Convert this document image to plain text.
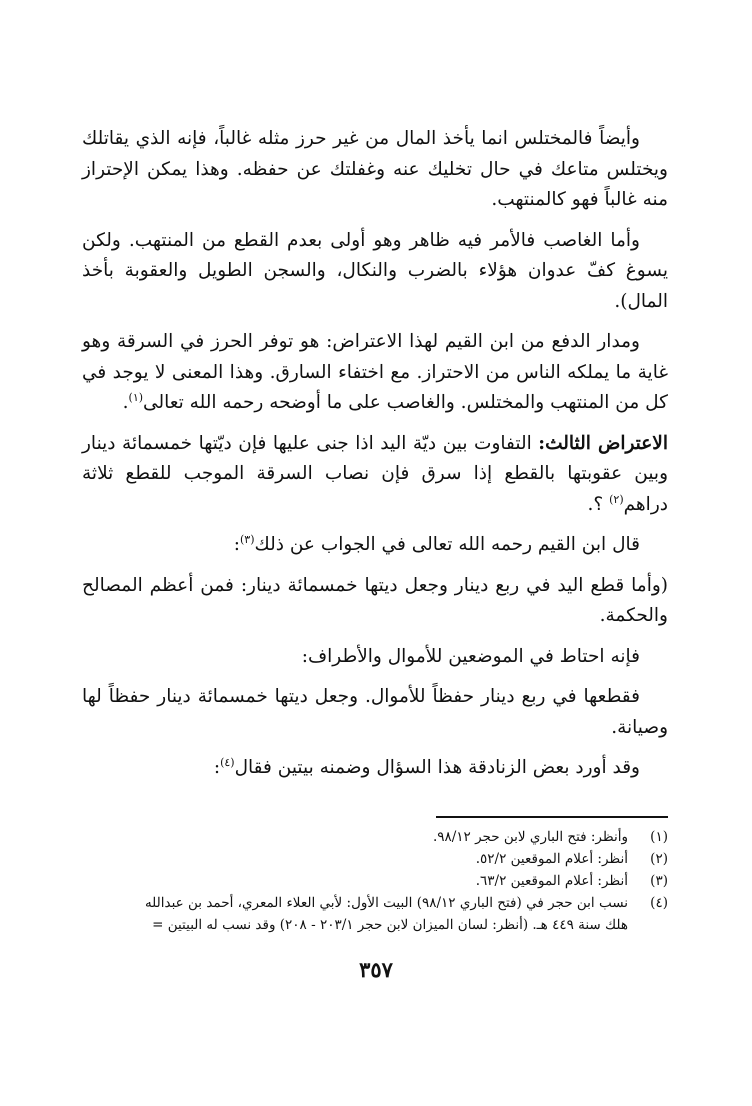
وأيضاً فالمختلس انما يأخذ المال من غير حرز مثله غالباً، فإنه الذي يقاتلك ويختلس متاعك في حال تخليك عنه وغفلتك عن حفظه. وهذا يمكن الإحتراز منه غالباً فهو كالمنتهب.

وأما الغاصب فالأمر فيه ظاهر وهو أولى بعدم القطع من المنتهب. ولكن يسوغ كفّ عدوان هؤلاء بالضرب والنكال، والسجن الطويل والعقوبة بأخذ المال).

ومدار الدفع من ابن القيم لهذا الاعتراض: هو توفر الحرز في السرقة وهو غاية ما يملكه الناس من الاحتراز. مع اختفاء السارق. وهذا المعنى لا يوجد في كل من المنتهب والمختلس. والغاصب على ما أوضحه رحمه الله تعالى$^{(١)}$.

الاعتراض الثالث: التفاوت بين ديّة اليد اذا جنى عليها فإن ديّتها خمسمائة دينار وبين عقوبتها بالقطع إذا سرق فإن نصاب السرقة الموجب للقطع ثلاثة دراهم$^{(٢)}$ ؟.

قال ابن القيم رحمه الله تعالى في الجواب عن ذلك$^{(٣)}$:

(وأما قطع اليد في ربع دينار وجعل ديتها خمسمائة دينار: فمن أعظم المصالح والحكمة.

فإنه احتاط في الموضعين للأموال والأطراف:

فقطعها في ربع دينار حفظاً للأموال. وجعل ديتها خمسمائة دينار حفظاً لها وصيانة.

وقد أورد بعض الزنادقة هذا السؤال وضمنه بيتين فقال$^{(٤)}$:

(١)وأنظر: فتح الباري لابن حجر ٩٨/١٢.

(٢)أنظر: أعلام الموقعين ٥٢/٢.

(٣)أنظر: أعلام الموقعين ٦٣/٢.

(٤)نسب ابن حجر في (فتح الباري ٩٨/١٢) البيت الأول: لأبي العلاء المعري، أحمد بن عبدالله

هلك سنة ٤٤٩ هـ. (أنظر: لسان الميزان لابن حجر ٢٠٣/١ - ٢٠٨) وقد نسب له البيتين =

٣٥٧
